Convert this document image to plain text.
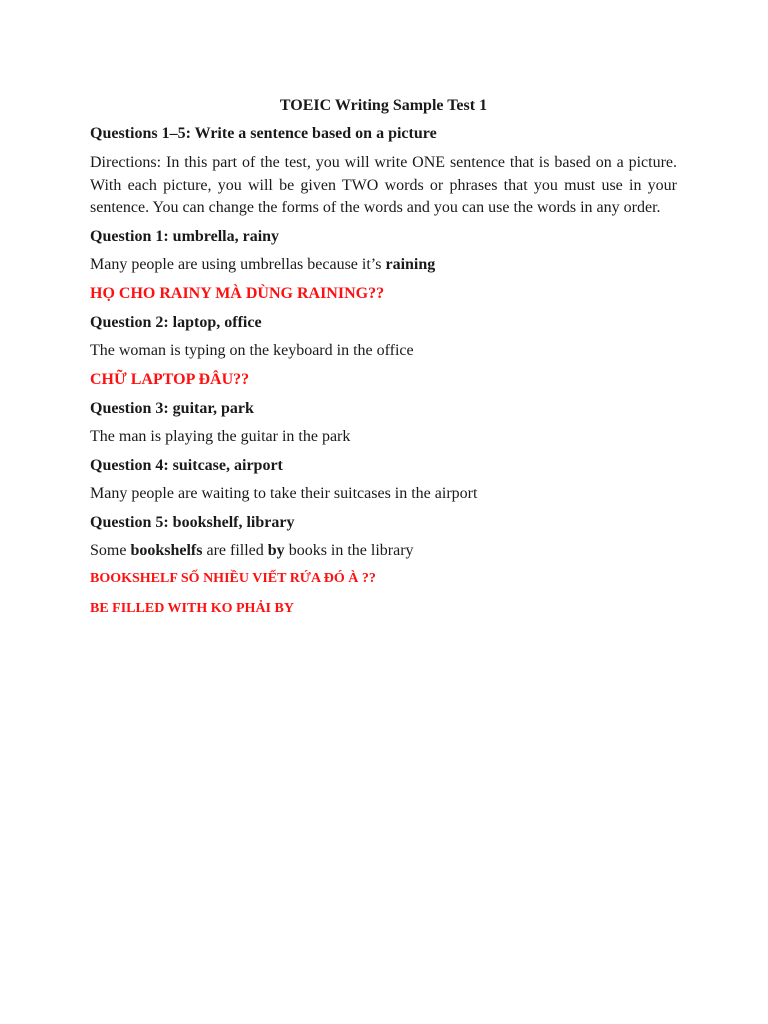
TOEIC Writing Sample Test 1
Questions 1–5: Write a sentence based on a picture
Directions: In this part of the test, you will write ONE sentence that is based on a picture. With each picture, you will be given TWO words or phrases that you must use in your sentence. You can change the forms of the words and you can use the words in any order.
Question 1: umbrella, rainy
Many people are using umbrellas because it’s raining
HỌ CHO RAINY MÀ DÙNG RAINING??
Question 2: laptop, office
The woman is typing on the keyboard in the office
CHỮ LAPTOP ĐÂU??
Question 3: guitar, park
The man is playing the guitar in the park
Question 4: suitcase, airport
Many people are waiting to take their suitcases in the airport
Question 5: bookshelf, library
Some bookshelfs are filled by books in the library
BOOKSHELF SỐ NHIỀU VIẾT RỨA ĐÓ À ??
BE FILLED WITH KO PHẢI BY
